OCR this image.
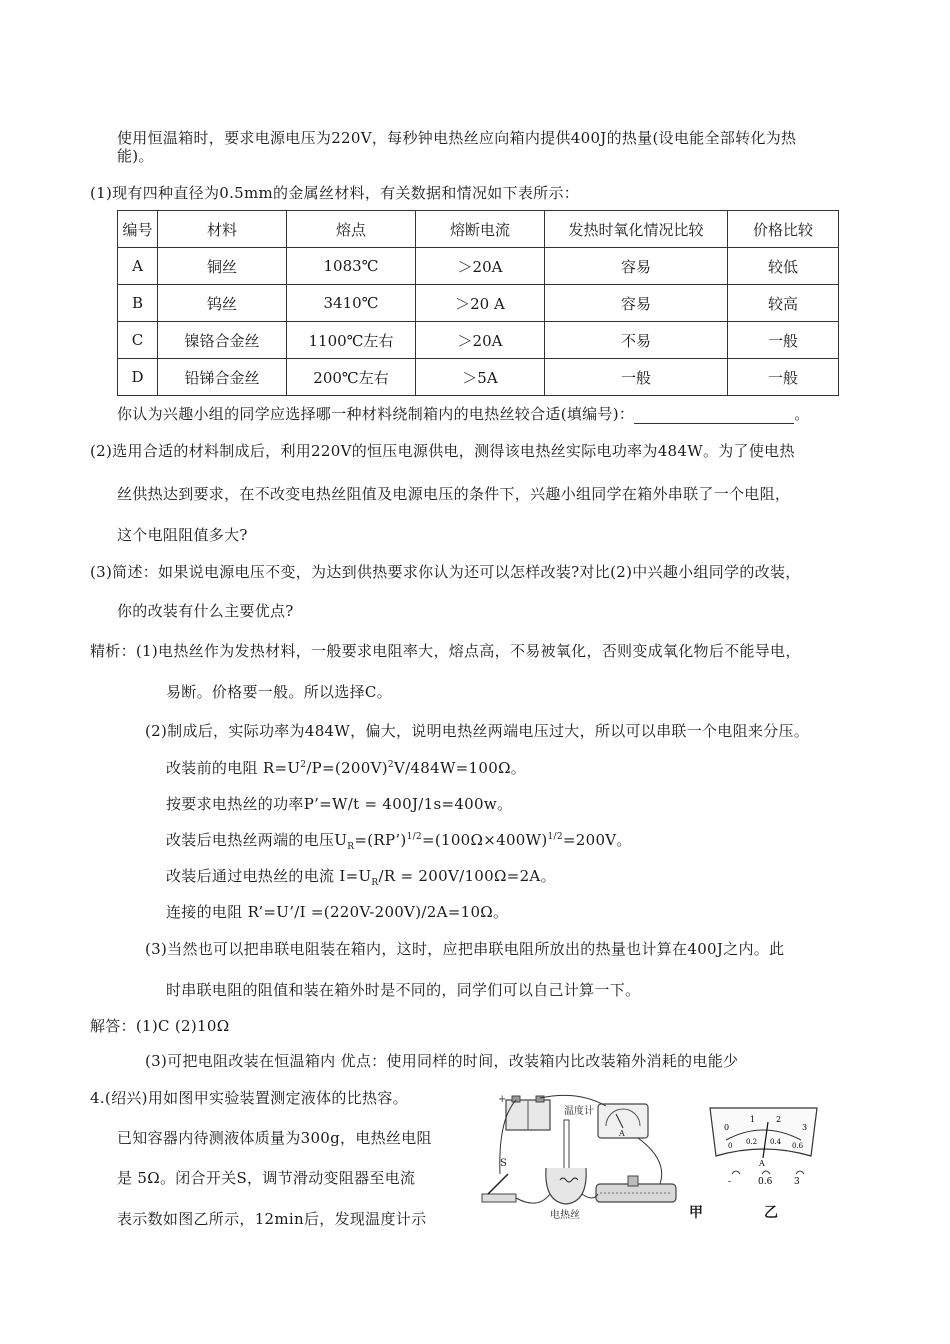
使用恒温箱时，要求电源电压为220V，每秒钟电热丝应向箱内提供400J的热量(设电能全部转化为热
能)。
(1)现有四种直径为0.5mm的金属丝材料，有关数据和情况如下表所示：
编号	材料	熔点	熔断电流	发热时氧化情况比较	价格比较
A	铜丝	1083℃	＞20A	容易	较低
B	钨丝	3410℃	＞20 A	容易	较高
C	镍铬合金丝	1100℃左右	＞20A	不易	一般
D	铅锑合金丝	200℃左右	＞5A	一般	一般
你认为兴趣小组的同学应选择哪一种材料绕制箱内的电热丝较合适(填编号)：	。
(2)选用合适的材料制成后，利用220V的恒压电源供电，测得该电热丝实际电功率为484W。为了使电热
丝供热达到要求，在不改变电热丝阻值及电源电压的条件下，兴趣小组同学在箱外串联了一个电阻，
这个电阻阻值多大?
(3)简述：如果说电源电压不变，为达到供热要求你认为还可以怎样改装?对比(2)中兴趣小组同学的改装，
你的改装有什么主要优点?
精析：(1)电热丝作为发热材料，一般要求电阻率大，熔点高，不易被氧化，否则变成氧化物后不能导电，
易断。价格要一般。所以选择C。
(2)制成后，实际功率为484W，偏大，说明电热丝两端电压过大，所以可以串联一个电阻来分压。
改装前的电阻 $R=U^2/P=(200V)^2V/484W=100\Omega$。
按要求电热丝的功率P’=W/t = 400J/1s=400w。
改装后电热丝两端的电压$U_R=(RP’)^{1/2}=(100\Omega\times 400W)^{1/2}=200V$。
改装后通过电热丝的电流 $I=U_R/R = 200V/100\Omega=2A$。
连接的电阻 R’=U’/I =(220V-200V)/2A=10Ω。
(3)当然也可以把串联电阻装在箱内，这时，应把串联电阻所放出的热量也计算在400J之内。此
时串联电阻的阻值和装在箱外时是不同的，同学们可以自己计算一下。
解答：(1)C (2)10Ω
(3)可把电阻改装在恒温箱内 优点：使用同样的时间，改装箱内比改装箱外消耗的电能少
4.(绍兴)用如图甲实验装置测定液体的比热容。
已知容器内待测液体质量为300g，电热丝电阻
是 5Ω。闭合开关S，调节滑动变阻器至电流
表示数如图乙所示，12min后，发现温度计示
+
A
温度计
电热丝
S
0
1	2
3
0 0.2 0.4 0.6
A
-	0.6 3
甲	乙
